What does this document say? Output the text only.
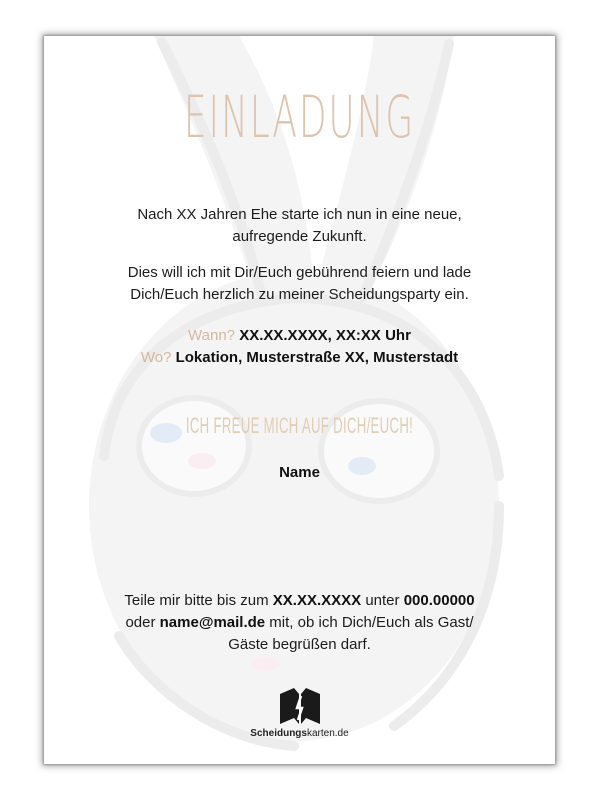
EINLADUNG
Nach XX Jahren Ehe starte ich nun in eine neue,
aufregende Zukunft.
Dies will ich mit Dir/Euch gebührend feiern und lade
Dich/Euch herzlich zu meiner Scheidungsparty ein.
Wann? XX.XX.XXXX, XX:XX Uhr
Wo? Lokation, Musterstraße XX, Musterstadt
ICH FREUE MICH AUF DICH/EUCH!
Name
Teile mir bitte bis zum XX.XX.XXXX unter 000.00000
oder name@mail.de mit, ob ich Dich/Euch als Gast/
Gäste begrüßen darf.
Scheidungskarten.de
